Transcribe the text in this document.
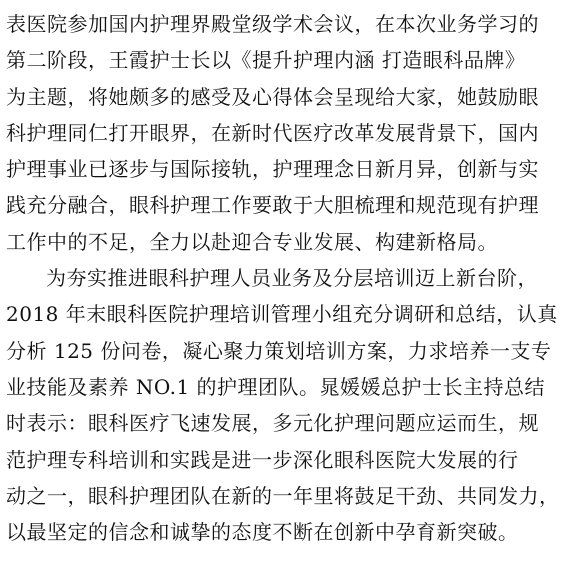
表医院参加国内护理界殿堂级学术会议，在本次业务学习的
第二阶段，王霞护士长以《提升护理内涵 打造眼科品牌》
为主题，将她颇多的感受及心得体会呈现给大家，她鼓励眼
科护理同仁打开眼界，在新时代医疗改革发展背景下，国内
护理事业已逐步与国际接轨，护理理念日新月异，创新与实
践充分融合，眼科护理工作要敢于大胆梳理和规范现有护理
工作中的不足，全力以赴迎合专业发展、构建新格局。
为夯实推进眼科护理人员业务及分层培训迈上新台阶，
2018 年末眼科医院护理培训管理小组充分调研和总结，认真
分析 125 份问卷，凝心聚力策划培训方案，力求培养一支专
业技能及素养 NO.1 的护理团队。晁媛媛总护士长主持总结
时表示：眼科医疗飞速发展，多元化护理问题应运而生，规
范护理专科培训和实践是进一步深化眼科医院大发展的行
动之一，眼科护理团队在新的一年里将鼓足干劲、共同发力，
以最坚定的信念和诚挚的态度不断在创新中孕育新突破。
